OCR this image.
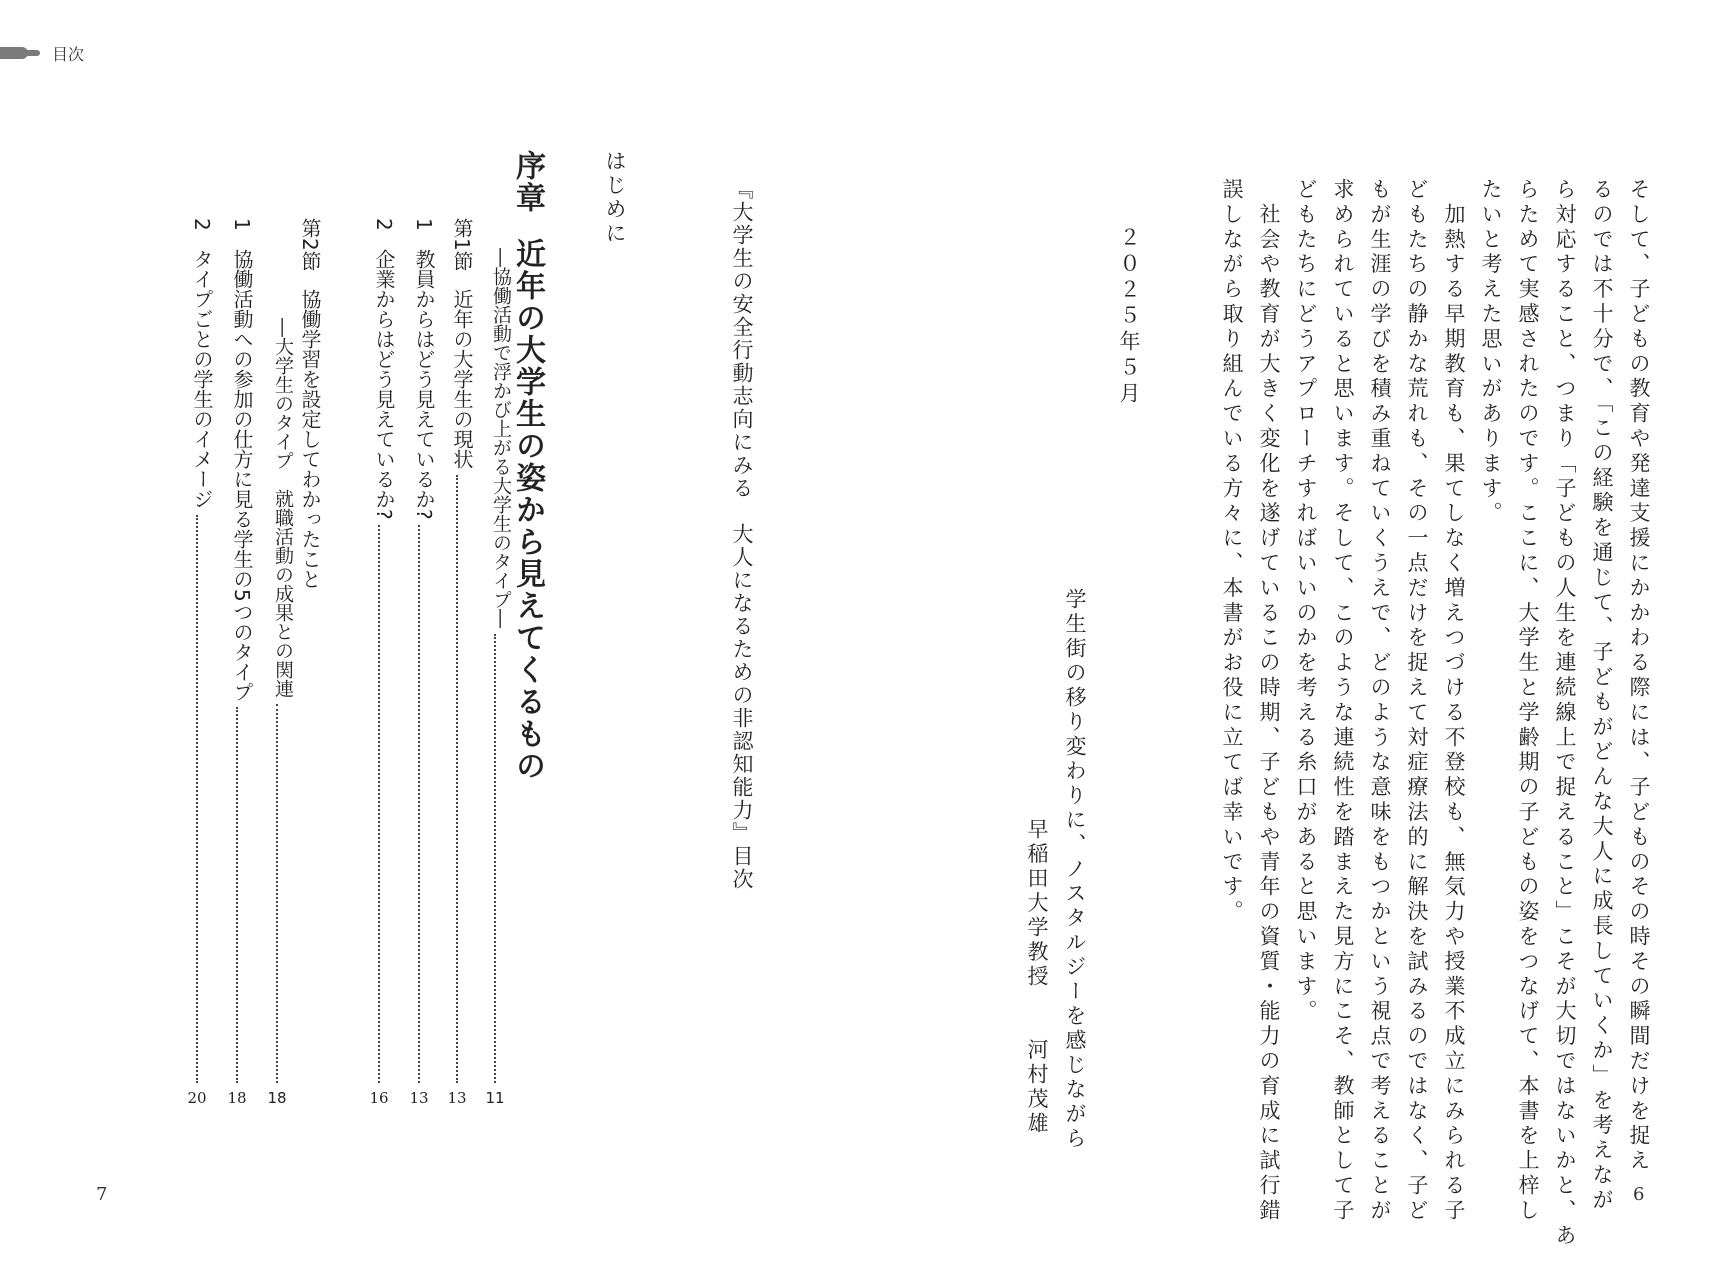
目次
『大学生の安全行動志向にみる　大人になるための非認知能力』目次
はじめに
序章近年の大学生の姿から見えてくるもの
―協働活動で浮かび上がる大学生のタイプ―
11
第1節
近年の大学生の現状
13
1
教員からはどう見えているか?
13
2
企業からはどう見えているか?
16
第2節協働学習を設定してわかったこと
―大学生のタイプ　就職活動の成果との関連
18
1
協働活動への参加の仕方に見る学生の5つのタイプ
18
2
タイプごとの学生のイメージ
20
7
そして、子どもの教育や発達支援にかかわる際には、子どものその時その瞬間だけを捉え
るのでは不十分で、「この経験を通じて、子どもがどんな大人に成長していくか」を考えなが
ら対応すること、つまり「子どもの人生を連続線上で捉えること」こそが大切ではないかと、あ
らためて実感されたのです。ここに、大学生と学齢期の子どもの姿をつなげて、本書を上梓し
たいと考えた思いがあります。
　加熱する早期教育も、果てしなく増えつづける不登校も、無気力や授業不成立にみられる子
どもたちの静かな荒れも、その一点だけを捉えて対症療法的に解決を試みるのではなく、子ど
もが生涯の学びを積み重ねていくうえで、どのような意味をもつかという視点で考えることが
求められていると思います。そして、このような連続性を踏まえた見方にこそ、教師として子
どもたちにどうアプローチすればいいのかを考える糸口があると思います。
　社会や教育が大きく変化を遂げているこの時期、子どもや青年の資質・能力の育成に試行錯
誤しながら取り組んでいる方々に、本書がお役に立てば幸いです。
２０２５年５月
学生街の移り変わりに、ノスタルジーを感じながら
早稲田大学教授　　河村茂雄
6
